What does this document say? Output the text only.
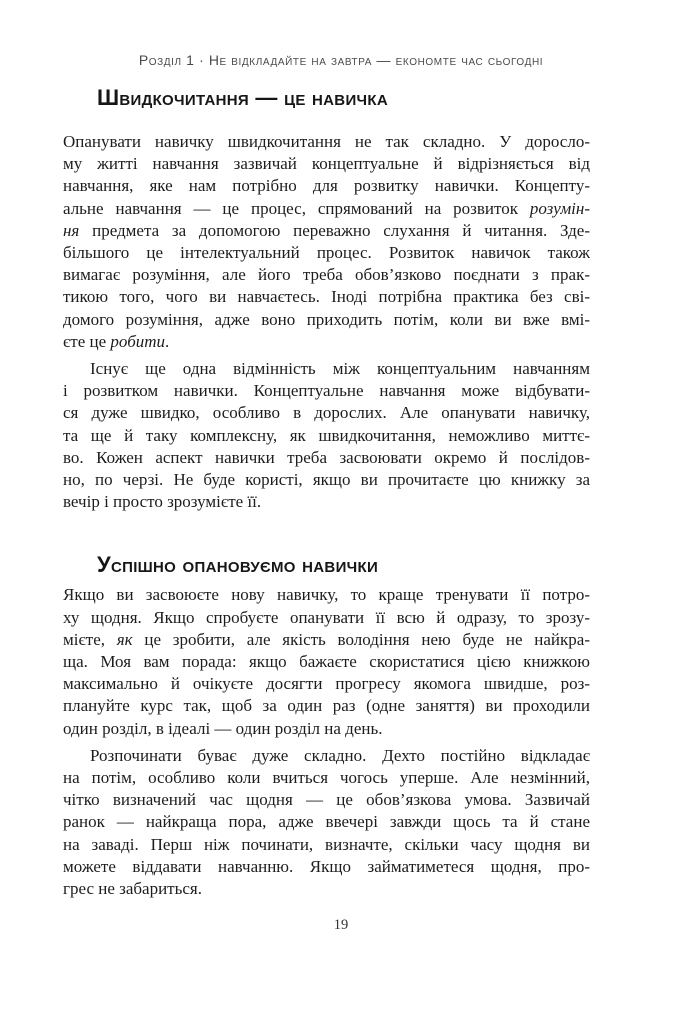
Розділ 1 · Не відкладайте на завтра — економте час сьогодні
Швидкочитання — це навичка
Опанувати навичку швидкочитання не так складно. У доросло-
му житті навчання зазвичай концептуальне й відрізняється від
навчання, яке нам потрібно для розвитку навички. Концепту-
альне навчання — це процес, спрямований на розвиток розумін-
ня предмета за допомогою переважно слухання й читання. Зде-
більшого це інтелектуальний процес. Розвиток навичок також
вимагає розуміння, але його треба обов’язково поєднати з прак-
тикою того, чого ви навчаєтесь. Іноді потрібна практика без сві-
домого розуміння, адже воно приходить потім, коли ви вже вмі-
єте це робити.
Існує ще одна відмінність між концептуальним навчанням
і розвитком навички. Концептуальне навчання може відбувати-
ся дуже швидко, особливо в дорослих. Але опанувати навичку,
та ще й таку комплексну, як швидкочитання, неможливо миттє-
во. Кожен аспект навички треба засвоювати окремо й послідов-
но, по черзі. Не буде користі, якщо ви прочитаєте цю книжку за
вечір і просто зрозумієте її.
Успішно опановуємо навички
Якщо ви засвоюєте нову навичку, то краще тренувати її потро-
ху щодня. Якщо спробуєте опанувати її всю й одразу, то зрозу-
мієте, як це зробити, але якість володіння нею буде не найкра-
ща. Моя вам порада: якщо бажаєте скористатися цією книжкою
максимально й очікуєте досягти прогресу якомога швидше, роз-
плануйте курс так, щоб за один раз (одне заняття) ви проходили
один розділ, в ідеалі — один розділ на день.
Розпочинати буває дуже складно. Дехто постійно відкладає
на потім, особливо коли вчиться чогось уперше. Але незмінний,
чітко визначений час щодня — це обов’язкова умова. Зазвичай
ранок — найкраща пора, адже ввечері завжди щось та й стане
на заваді. Перш ніж починати, визначте, скільки часу щодня ви
можете віддавати навчанню. Якщо займатиметеся щодня, про-
грес не забариться.
19
